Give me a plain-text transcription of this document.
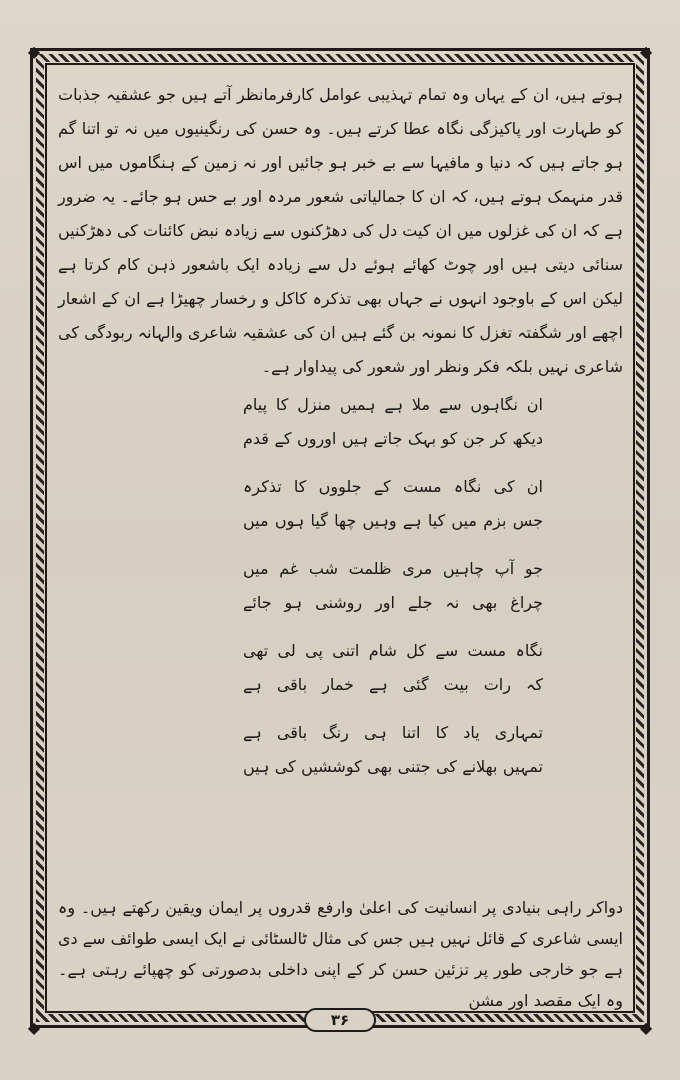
◆	◆
◆	◆

ہوتے ہیں، ان کے یہاں وہ تمام تہذیبی عوامل کارفرمانظر آتے ہیں جو عشقیہ جذبات کو طہارت اور پاکیزگی نگاہ عطا کرتے ہیں۔ وہ حسن کی رنگینیوں میں نہ تو اتنا گم ہو جاتے ہیں کہ دنیا و مافیہا سے بے خبر ہو جائیں اور نہ زمین کے ہنگاموں میں اس قدر منہمک ہوتے ہیں، کہ ان کا جمالیاتی شعور مردہ اور بے حس ہو جائے۔ یہ ضرور ہے کہ ان کی غزلوں میں ان کیت دل کی دھڑکنوں سے زیادہ نبض کائنات کی دھڑکنیں سنائی دیتی ہیں اور چوٹ کھائے ہوئے دل سے زیادہ ایک باشعور ذہن کام کرتا ہے لیکن اس کے باوجود انہوں نے جہاں بھی تذکرہ کاکل و رخسار چھیڑا ہے ان کے اشعار اچھے اور شگفتہ تغزل کا نمونہ بن گئے ہیں ان کی عشقیہ شاعری والہانہ ربودگی کی شاعری نہیں بلکہ فکر ونظر اور شعور کی پیداوار ہے۔

ان نگاہوں سے ملا ہے ہمیں منزل کا پیام
دیکھ کر جن کو بہک جاتے ہیں اوروں کے قدم
ان کی نگاہ مست کے جلووں کا تذکرہ
جس بزم میں کیا ہے وہیں چھا گیا ہوں میں
جو آپ چاہیں مری ظلمت شب غم میں
چراغ بھی نہ جلے اور روشنی ہو جائے
نگاہ مست سے کل شام اتنی پی لی تھی
کہ رات بیت گئی ہے خمار باقی ہے
تمہاری یاد کا اتنا ہی رنگ باقی ہے
تمہیں بھلانے کی جتنی بھی کوششیں کی ہیں

دواکر راہی بنیادی پر انسانیت کی اعلیٰ وارفع قدروں پر ایمان ویقین رکھتے ہیں۔ وہ ایسی شاعری کے قائل نہیں ہیں جس کی مثال ٹالسٹائی نے ایک ایسی طوائف سے دی ہے جو خارجی طور پر تزئین حسن کر کے اپنی داخلی بدصورتی کو چھپائے رہتی ہے۔ وہ ایک مقصد اور مشن

۳۶
